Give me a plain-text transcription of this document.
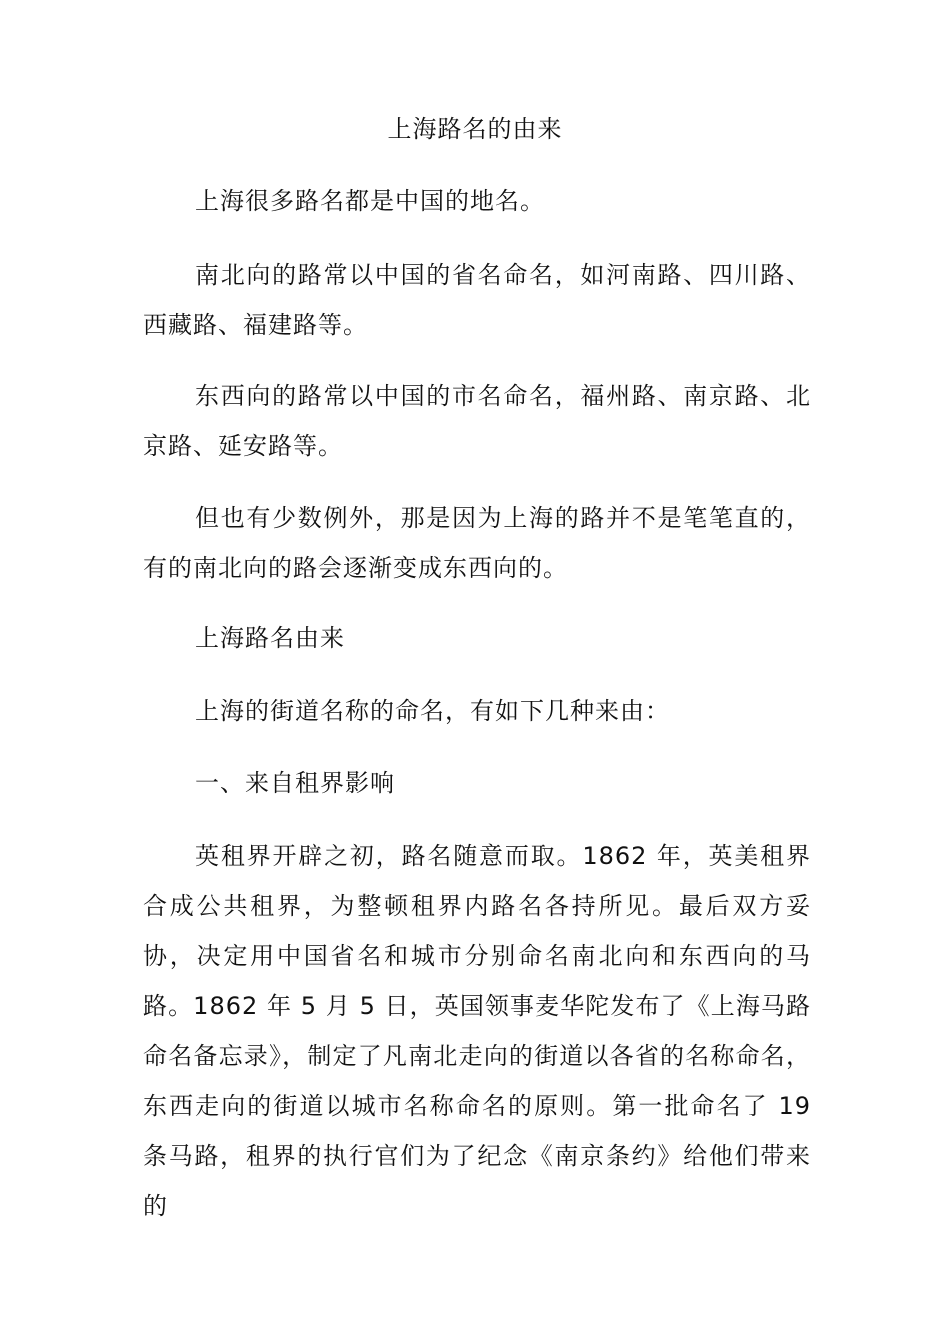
上海路名的由来

上海很多路名都是中国的地名。

南北向的路常以中国的省名命名，如河南路、四川路、西藏路、福建路等。

东西向的路常以中国的市名命名，福州路、南京路、北京路、延安路等。

但也有少数例外，那是因为上海的路并不是笔笔直的，有的南北向的路会逐渐变成东西向的。

上海路名由来

上海的街道名称的命名，有如下几种来由：

一、来自租界影响

英租界开辟之初，路名随意而取。1862 年，英美租界合成公共租界，为整顿租界内路名各持所见。最后双方妥协，决定用中国省名和城市分别命名南北向和东西向的马路。1862 年 5 月 5 日，英国领事麦华陀发布了《上海马路命名备忘录》，制定了凡南北走向的街道以各省的名称命名，东西走向的街道以城市名称命名的原则。第一批命名了 19 条马路，租界的执行官们为了纪念《南京条约》给他们带来的
